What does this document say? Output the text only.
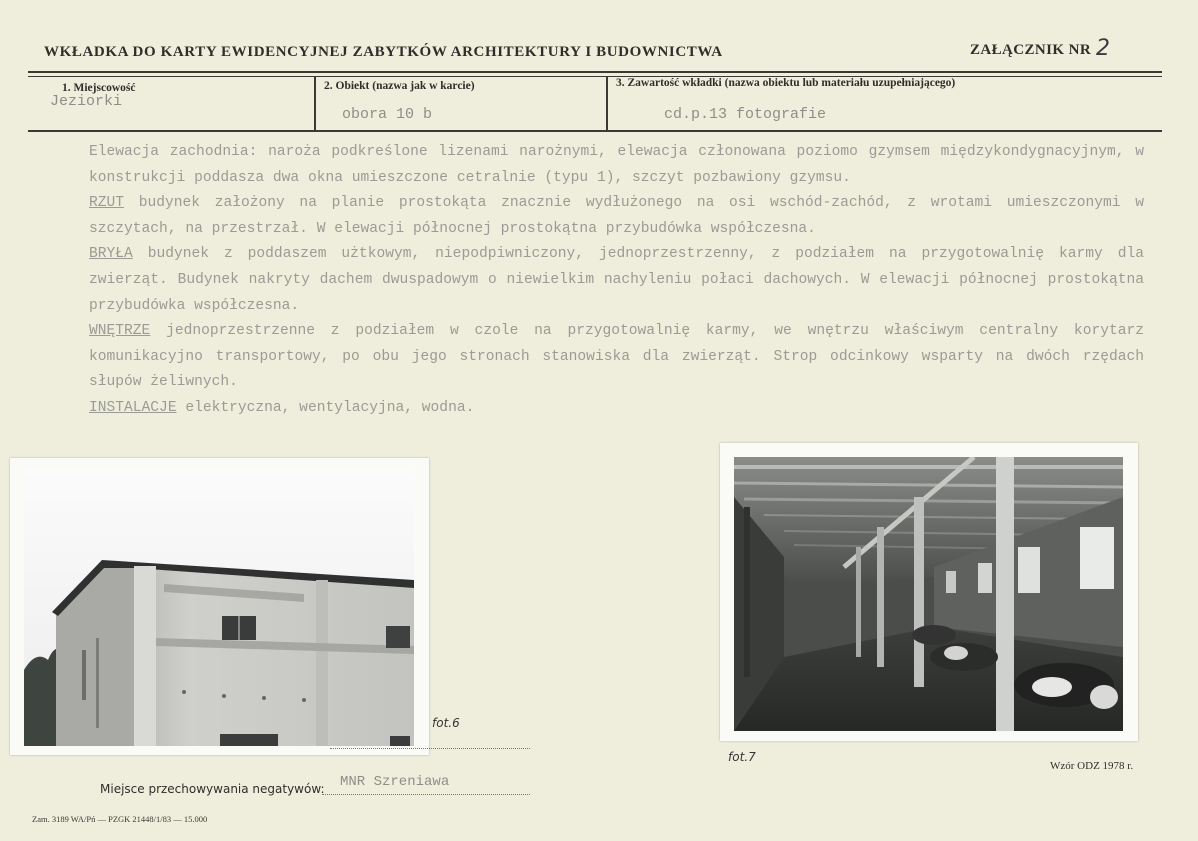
WKŁADKA DO KARTY EWIDENCYJNEJ ZABYTKÓW ARCHITEKTURY I BUDOWNICTWA	ZAŁĄCZNIK NR 2
1. Miejscowość
Jeziorki
2. Obiekt (nazwa jak w karcie)
obora 10 b
3. Zawartość wkładki (nazwa obiektu lub materiału uzupełniającego)
cd.p.13 fotografie

Elewacja zachodnia: naroża podkreślone lizenami narożnymi, elewacja członowana poziomo gzymsem międzykondygnacyjnym, w konstrukcji poddasza dwa okna umieszczone cetralnie (typu 1), szczyt pozbawiony gzymsu.

RZUT budynek założony na planie prostokąta znacznie wydłużonego na osi wschód-zachód, z wrotami umieszczonymi w szczytach, na przestrzał. W elewacji północnej prostokątna przybudówka współczesna.

BRYŁA budynek z poddaszem użtkowym, niepodpiwniczony, jednoprzestrzenny, z podziałem na przygotowalnię karmy dla zwierząt. Budynek nakryty dachem dwuspadowym o niewielkim nachyleniu połaci dachowych. W elewacji północnej prostokątna przybudówka współczesna.

WNĘTRZE jednoprzestrzenne z podziałem w czole na przygotowalnię karmy, we wnętrzu właściwym centralny korytarz komunikacyjno transportowy, po obu jego stronach stanowiska dla zwierząt. Strop odcinkowy wsparty na dwóch rzędach słupów żeliwnych.

INSTALACJE elektryczna, wentylacyjna, wodna.

fot.6
fot.7
Miejsce przechowywania negatywów: MNR Szreniawa
Zam. 3189 WA/Pń — PZGK 21448/1/83 — 15.000
Wzór ODZ 1978 r.
